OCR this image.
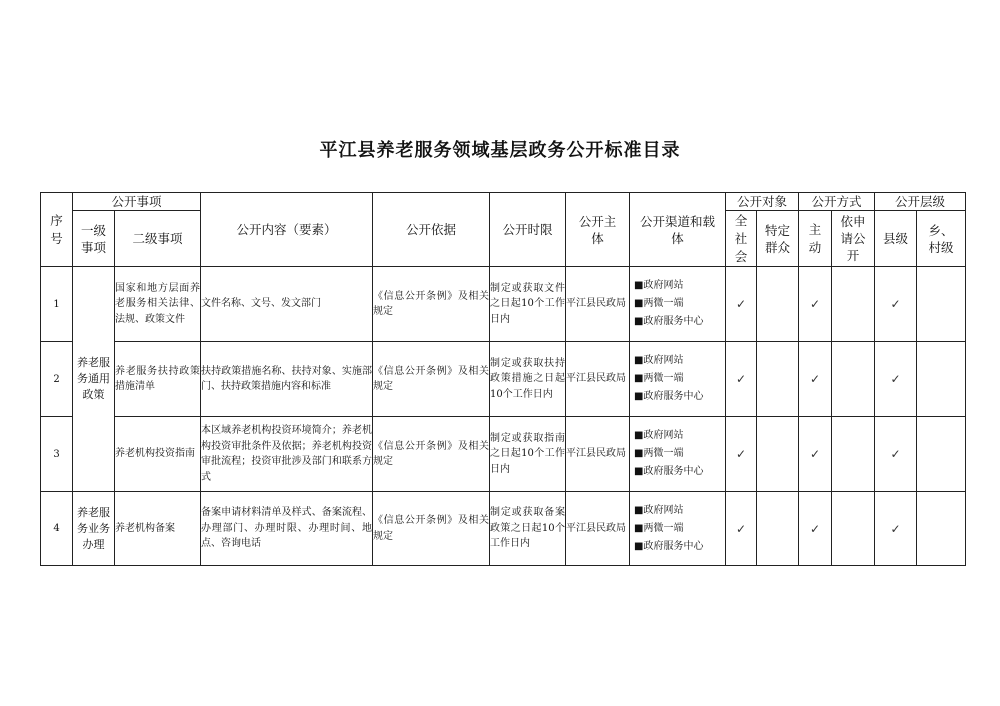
平江县养老服务领域基层政务公开标准目录
序号	公开事项		公开内容（要素）	公开依据	公开时限	公开主体	公开渠道和载体	公开对象		公开方式		公开层级	
	一级事项	二级事项						全社会	特定群众	主动	依申请公开	县级	乡、村级
1	养老服务通用政策	国家和地方层面养老服务相关法律、法规、政策文件	文件名称、文号、发文部门	《信息公开条例》及相关规定	制定或获取文件之日起10个工作日内	平江县民政局	■政府网站
■两微一端
■政府服务中心	✓		✓		✓	
2		养老服务扶持政策措施清单	扶持政策措施名称、扶持对象、实施部门、扶持政策措施内容和标准	《信息公开条例》及相关规定	制定或获取扶持政策措施之日起10个工作日内	平江县民政局	■政府网站
■两微一端
■政府服务中心	✓		✓		✓	
3		养老机构投资指南	本区域养老机构投资环境简介；养老机构投资审批条件及依据；养老机构投资审批流程；投资审批涉及部门和联系方式	《信息公开条例》及相关规定	制定或获取指南之日起10个工作日内	平江县民政局	■政府网站
■两微一端
■政府服务中心	✓		✓		✓	
4	养老服务业务办理	养老机构备案	备案申请材料清单及样式、备案流程、办理部门、办理时限、办理时间、地点、咨询电话	《信息公开条例》及相关规定	制定或获取备案政策之日起10个工作日内	平江县民政局	■政府网站
■两微一端
■政府服务中心	✓		✓		✓	
